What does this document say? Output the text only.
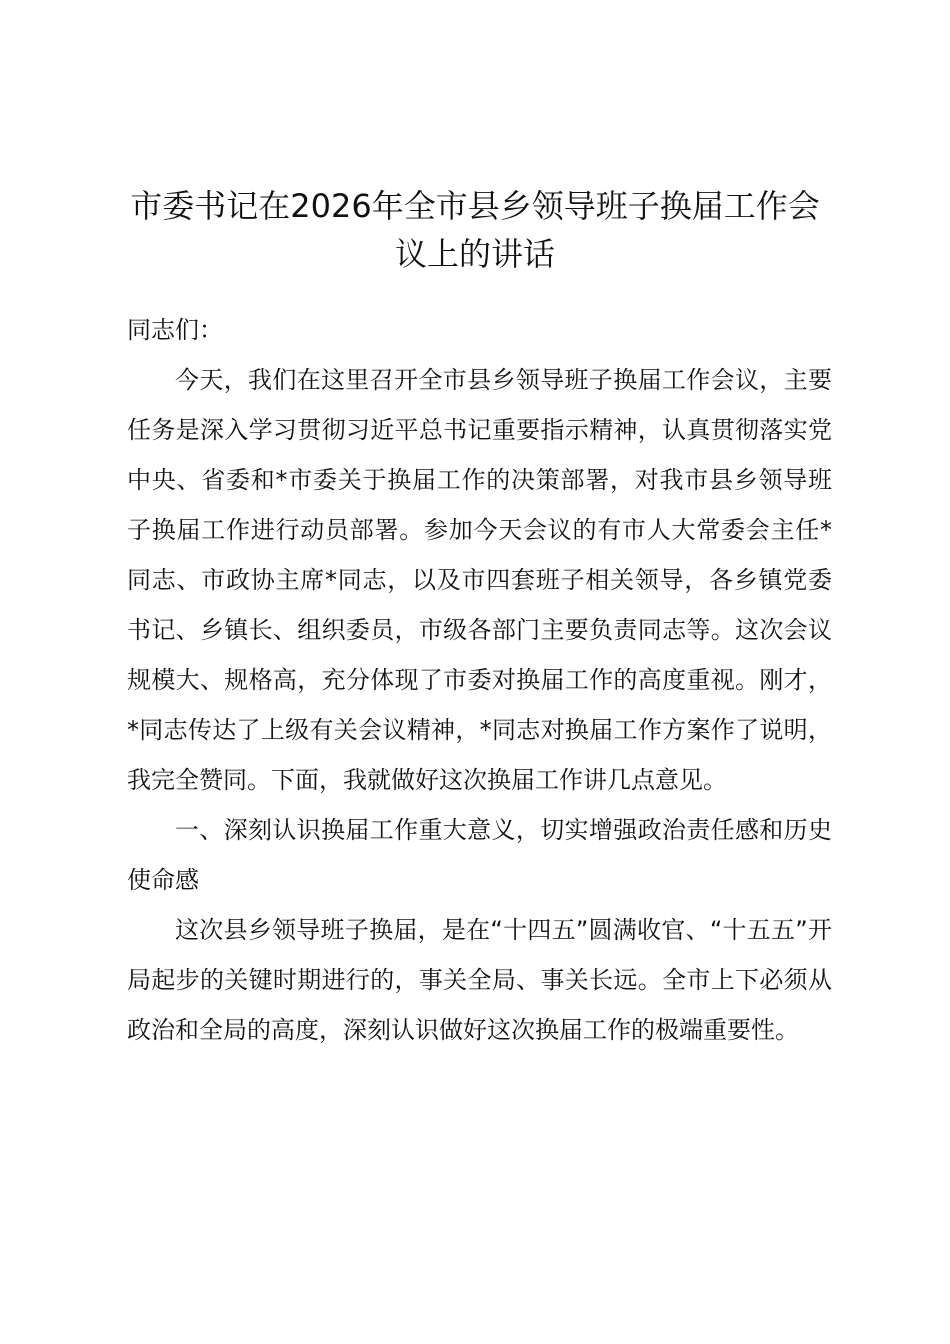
市委书记在2026年全市县乡领导班子换届工作会议上的讲话

同志们：

今天，我们在这里召开全市县乡领导班子换届工作会议，主要任务是深入学习贯彻习近平总书记重要指示精神，认真贯彻落实党中央、省委和*市委关于换届工作的决策部署，对我市县乡领导班子换届工作进行动员部署。参加今天会议的有市人大常委会主任*同志、市政协主席*同志，以及市四套班子相关领导，各乡镇党委书记、乡镇长、组织委员，市级各部门主要负责同志等。这次会议规模大、规格高，充分体现了市委对换届工作的高度重视。刚才，*同志传达了上级有关会议精神，*同志对换届工作方案作了说明，我完全赞同。下面，我就做好这次换届工作讲几点意见。

一、深刻认识换届工作重大意义，切实增强政治责任感和历史使命感

这次县乡领导班子换届，是在“十四五”圆满收官、“十五五”开局起步的关键时期进行的，事关全局、事关长远。全市上下必须从政治和全局的高度，深刻认识做好这次换届工作的极端重要性。
